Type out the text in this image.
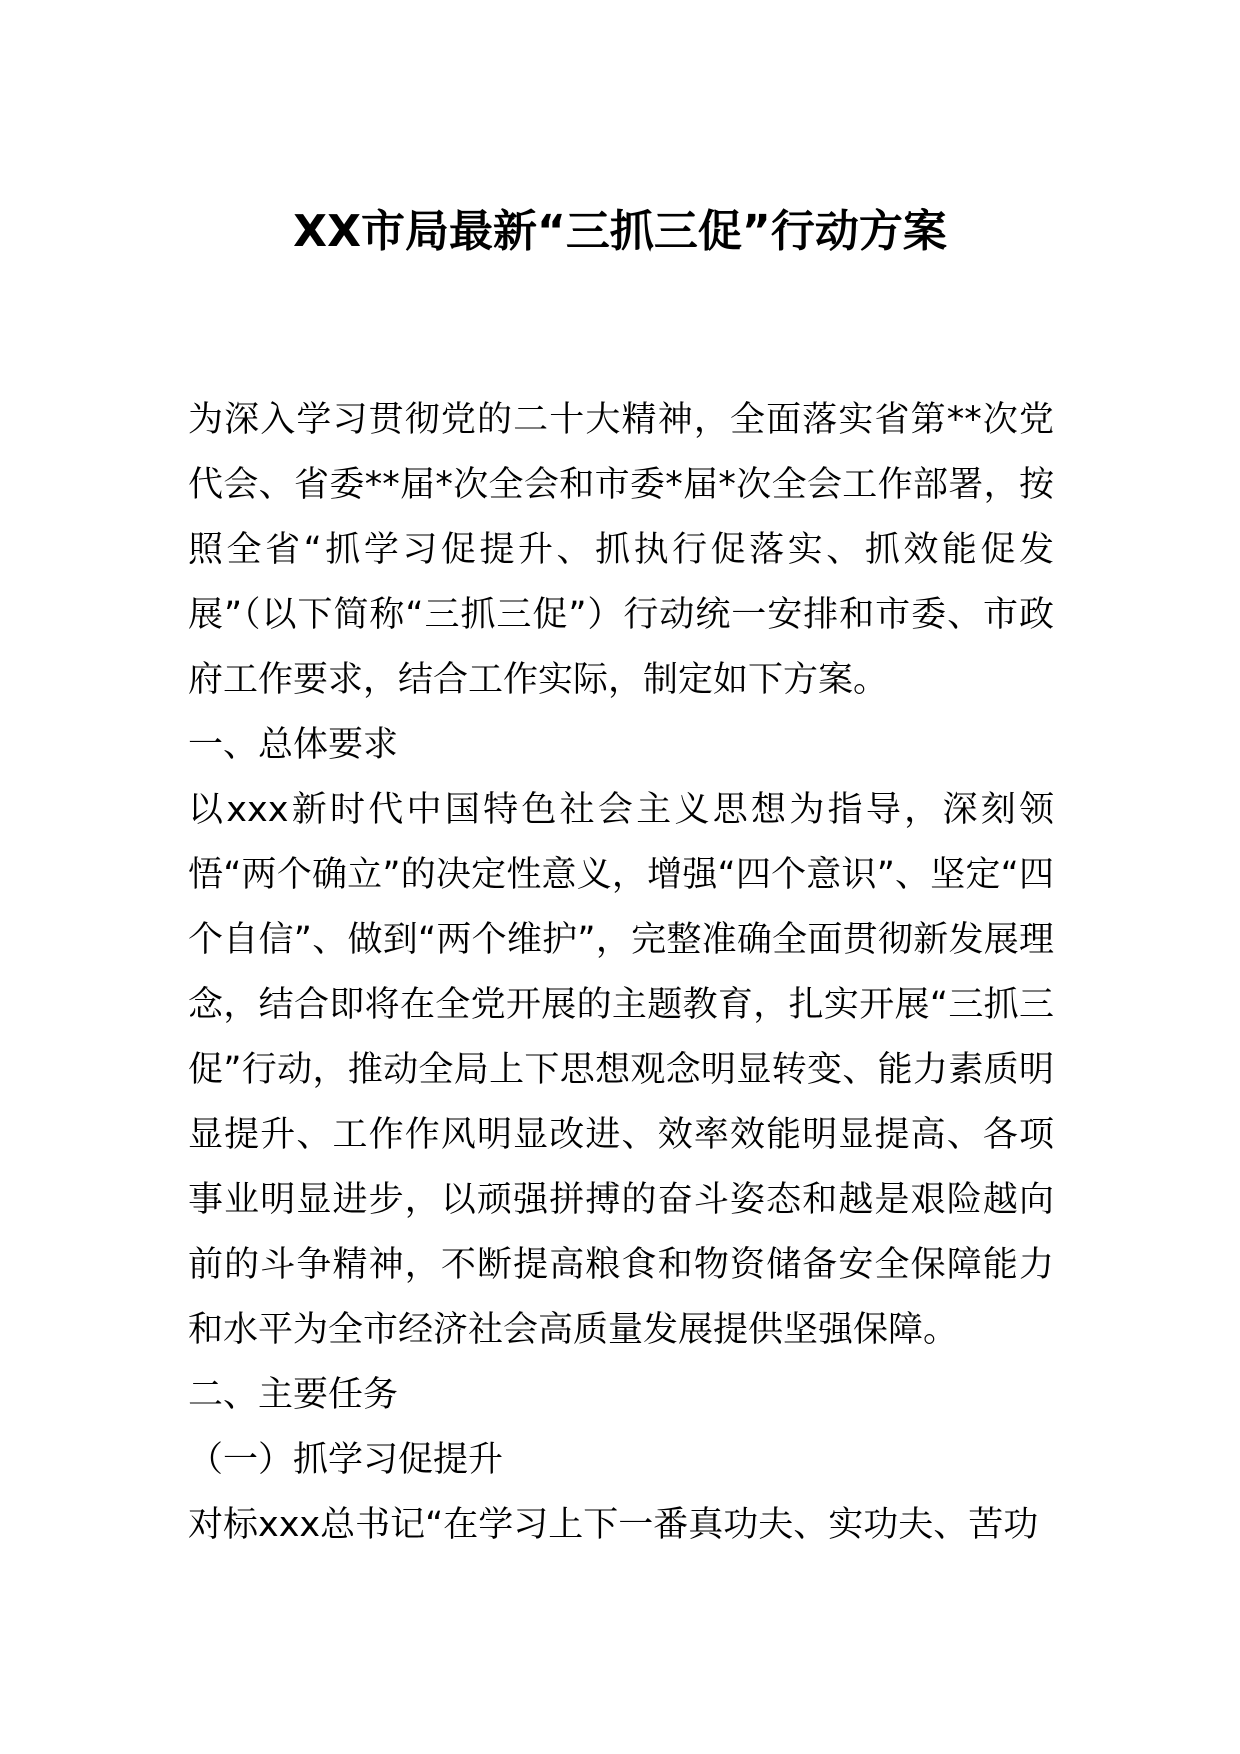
XX市局最新“三抓三促”行动方案

为深入学习贯彻党的二十大精神，全面落实省第**次党代会、省委**届*次全会和市委*届*次全会工作部署，按照全省“抓学习促提升、抓执行促落实、抓效能促发展”（以下简称“三抓三促”）行动统一安排和市委、市政府工作要求，结合工作实际，制定如下方案。

一、总体要求

以xxx新时代中国特色社会主义思想为指导，深刻领悟“两个确立”的决定性意义，增强“四个意识”、坚定“四个自信”、做到“两个维护”，完整准确全面贯彻新发展理念，结合即将在全党开展的主题教育，扎实开展“三抓三促”行动，推动全局上下思想观念明显转变、能力素质明显提升、工作作风明显改进、效率效能明显提高、各项事业明显进步，以顽强拼搏的奋斗姿态和越是艰险越向前的斗争精神，不断提高粮食和物资储备安全保障能力和水平为全市经济社会高质量发展提供坚强保障。

二、主要任务

（一）抓学习促提升

对标xxx总书记“在学习上下一番真功夫、实功夫、苦功
